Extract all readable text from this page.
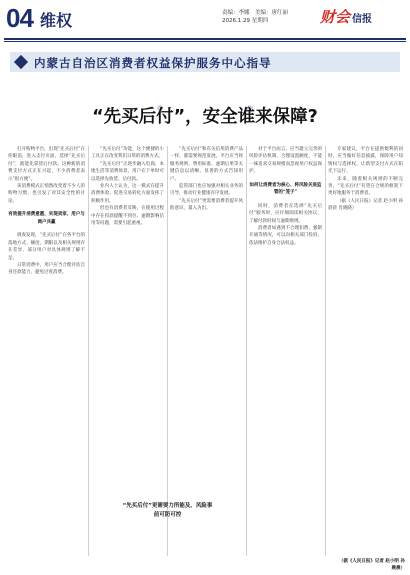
04 维权	责编：李娜　美编：唐红丽
2026.1.29 星期四	财会 信报
内蒙古自治区消费者权益保护服务中心指导
“先买后付”，安全谁来保障?

打开购物平台，出现“先买后付”在你眼前，进入支付页面，选择“先买后付”，就能先拿货后付款。这种新的消费支付方式正在兴起，不少消费者表示“很方便”。

该消费模式正悄然改变着不少人的购物习惯，也引发了对其安全性的讨论。

有效提升消费意愿，实现卖家、用户与商户共赢

调查发现，“先买后付”在各平台的落地方式、额度、期限以及相关规则存在差异，部分用户对具体规则了解不足。

日常消费中，用户应当合理评估自身还款能力，避免过度消费。

“先买后付”功能，这个便捷的小工具正在改变我们日常的消费方式。

“先买后付”正逐步融入电商、本地生活等消费场景，用户在下单时可以选择先收货、后付款。

业内人士认为，这一模式在提升消费体验、促进交易转化方面发挥了积极作用。

但也有消费者反映，在使用过程中存在扣款提醒不到位、逾期影响信用等问题，需要引起重视。

“先买后付”和有关信用消费产品一样，都需要规范发展。平台应当将服务规则、费用标准、逾期后果等关键信息以清晰、显著的方式告知用户。

监管部门也应加强对相关业务的引导，推动行业健康有序发展。

“先买后付”更需要消费者提升风险意识，量入为出。

对于平台而言，应当建立完善的风险评估机制，合理设置额度，不能一味追求交易规模而忽视用户权益保护。

如何让消费者为核心、将风险关进监管的“笼子”

同时，消费者在选择“先买后付”服务时，应仔细阅读相关协议，了解付款时间与逾期规则。

消费者如遇到不合理扣费、强制开通等情况，可以向相关部门投诉，依法维护自身合法权益。

专家建议，平台在提供便利的同时，应当做好信息披露，保障用户知情权与选择权，让新型支付方式在阳光下运行。

未来，随着相关规则的不断完善，“先买后付”有望在合规的框架下更好地服务于消费者。

（据《人民日报》记者 赵小明 孙晨晨 肖晓晓）

“先买后付”更需要力所能及、风险事前可防可控
（据《人民日报》记者 赵小明 孙晨晨）
